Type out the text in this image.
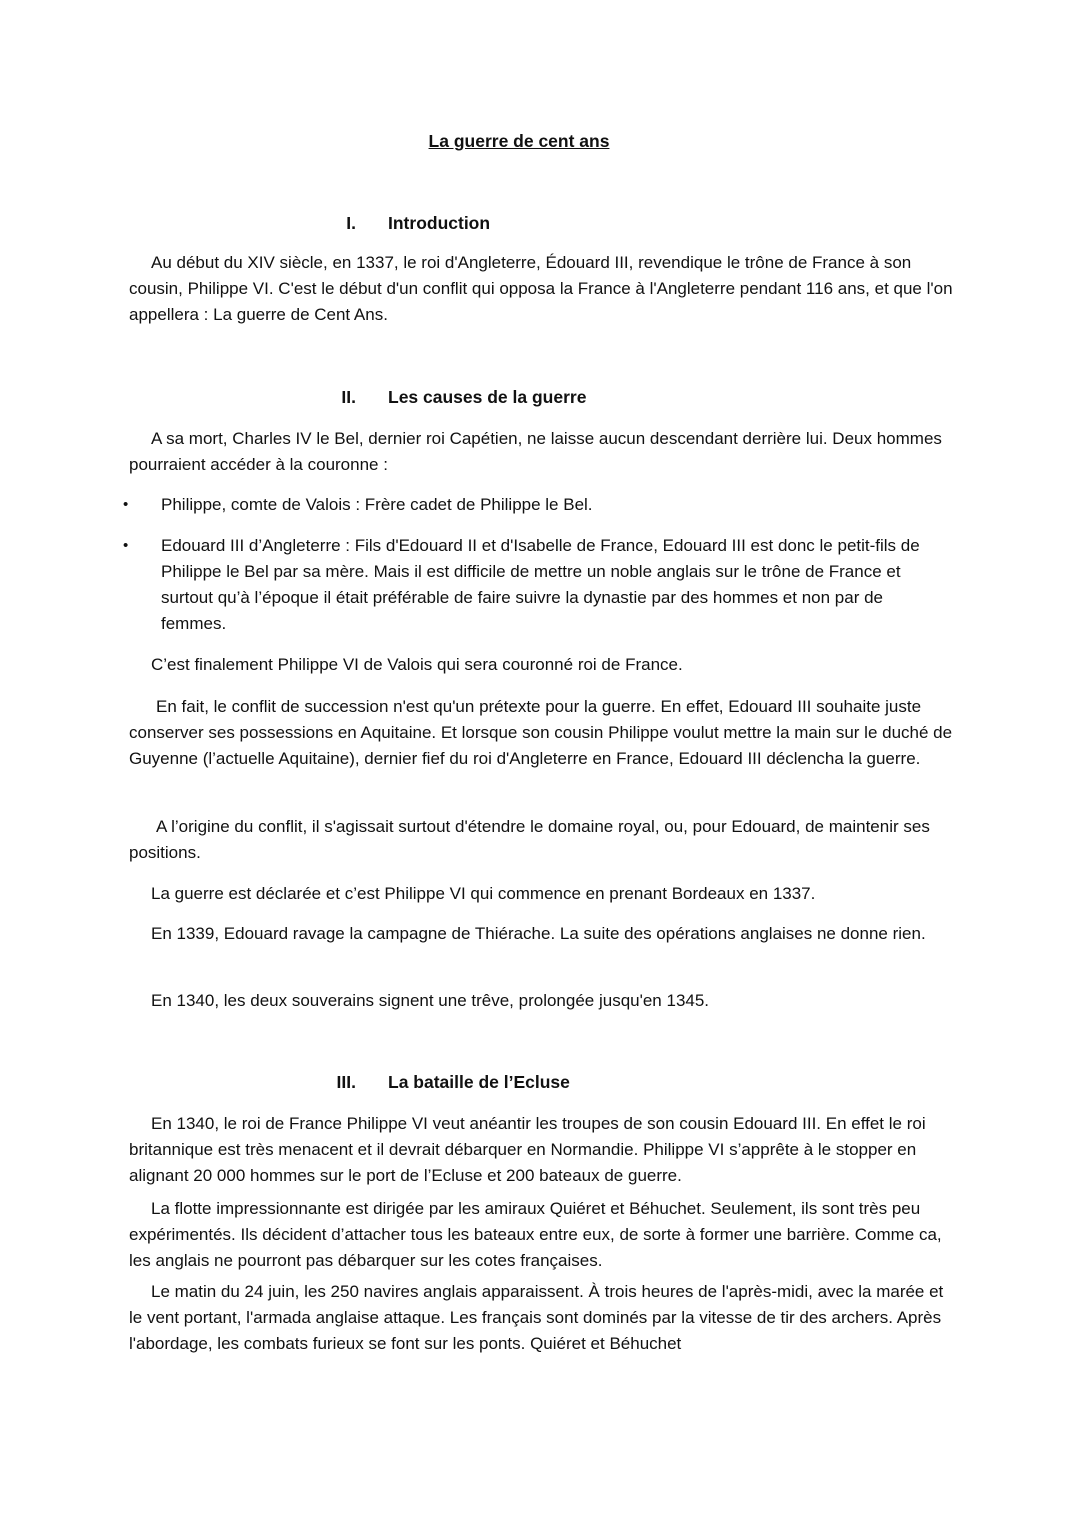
La guerre de cent ans
I. Introduction

Au début du XIV siècle, en 1337, le roi d'Angleterre, Édouard III, revendique le trône de France à son cousin, Philippe VI. C'est le début d'un conflit qui opposa la France à l'Angleterre pendant 116 ans, et que l'on appellera : La guerre de Cent Ans.

II. Les causes de la guerre

A sa mort, Charles IV le Bel, dernier roi Capétien, ne laisse aucun descendant derrière lui. Deux hommes pourraient accéder à la couronne :

• Philippe, comte de Valois : Frère cadet de Philippe le Bel.

• Edouard III d’Angleterre : Fils d'Edouard II et d'Isabelle de France, Edouard III est donc le petit-fils de Philippe le Bel par sa mère. Mais il est difficile de mettre un noble anglais sur le trône de France et surtout qu’à l’époque il était préférable de faire suivre la dynastie par des hommes et non par de femmes.

C’est finalement Philippe VI de Valois qui sera couronné roi de France.

En fait, le conflit de succession n'est qu'un prétexte pour la guerre. En effet, Edouard III souhaite juste conserver ses possessions en Aquitaine. Et lorsque son cousin Philippe voulut mettre la main sur le duché de Guyenne (l’actuelle Aquitaine), dernier fief du roi d'Angleterre en France, Edouard III déclencha la guerre.

A l’origine du conflit, il s'agissait surtout d'étendre le domaine royal, ou, pour Edouard, de maintenir ses positions.

La guerre est déclarée et c’est Philippe VI qui commence en prenant Bordeaux en 1337.

En 1339, Edouard ravage la campagne de Thiérache. La suite des opérations anglaises ne donne rien.

En 1340, les deux souverains signent une trêve, prolongée jusqu'en 1345.

III. La bataille de l’Ecluse

En 1340, le roi de France Philippe VI veut anéantir les troupes de son cousin Edouard III. En effet le roi britannique est très menacent et il devrait débarquer en Normandie. Philippe VI s’apprête à le stopper en alignant 20 000 hommes sur le port de l’Ecluse et 200 bateaux de guerre.

La flotte impressionnante est dirigée par les amiraux Quiéret et Béhuchet. Seulement, ils sont très peu expérimentés. Ils décident d’attacher tous les bateaux entre eux, de sorte à former une barrière. Comme ca, les anglais ne pourront pas débarquer sur les cotes françaises.

Le matin du 24 juin, les 250 navires anglais apparaissent. À trois heures de l'après-midi, avec la marée et le vent portant, l'armada anglaise attaque. Les français sont dominés par la vitesse de tir des archers. Après l'abordage, les combats furieux se font sur les ponts. Quiéret et Béhuchet
